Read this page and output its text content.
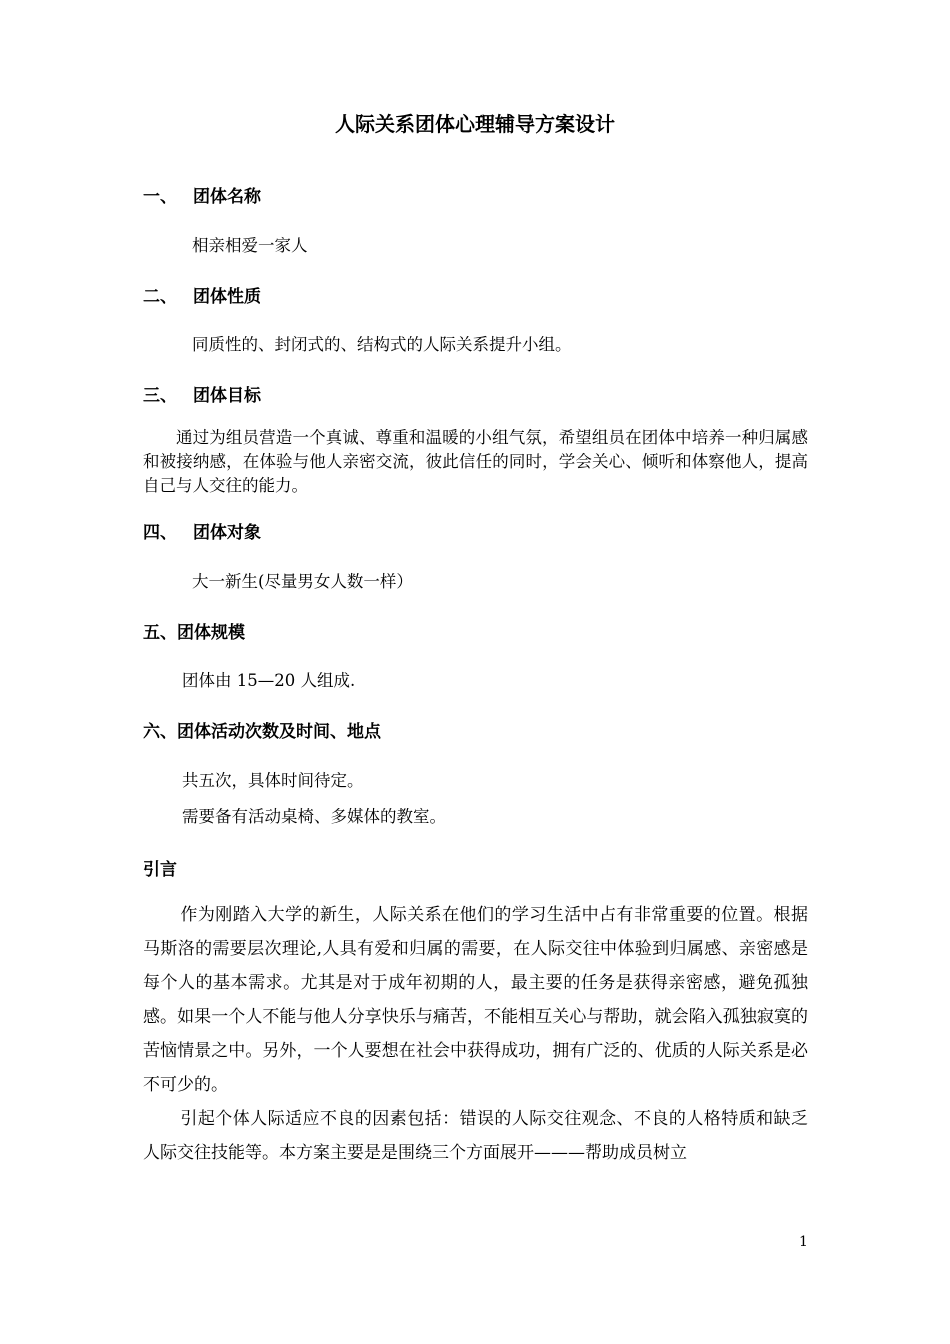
人际关系团体心理辅导方案设计
一、 团体名称
相亲相爱一家人
二、 团体性质
同质性的、封闭式的、结构式的人际关系提升小组。
三、 团体目标
通过为组员营造一个真诚、尊重和温暖的小组气氛，希望组员在团体中培养一种归属感和被接纳感，在体验与他人亲密交流，彼此信任的同时，学会关心、倾听和体察他人，提高自己与人交往的能力。
四、 团体对象
大一新生(尽量男女人数一样）
五、团体规模
团体由 15—20 人组成.
六、团体活动次数及时间、地点
共五次，具体时间待定。
需要备有活动桌椅、多媒体的教室。
引言

作为刚踏入大学的新生，人际关系在他们的学习生活中占有非常重要的位置。根据马斯洛的需要层次理论,人具有爱和归属的需要，在人际交往中体验到归属感、亲密感是每个人的基本需求。尤其是对于成年初期的人，最主要的任务是获得亲密感，避免孤独感。如果一个人不能与他人分享快乐与痛苦，不能相互关心与帮助，就会陷入孤独寂寞的苦恼情景之中。另外，一个人要想在社会中获得成功，拥有广泛的、优质的人际关系是必不可少的。

引起个体人际适应不良的因素包括：错误的人际交往观念、不良的人格特质和缺乏人际交往技能等。本方案主要是是围绕三个方面展开———帮助成员树立

1
